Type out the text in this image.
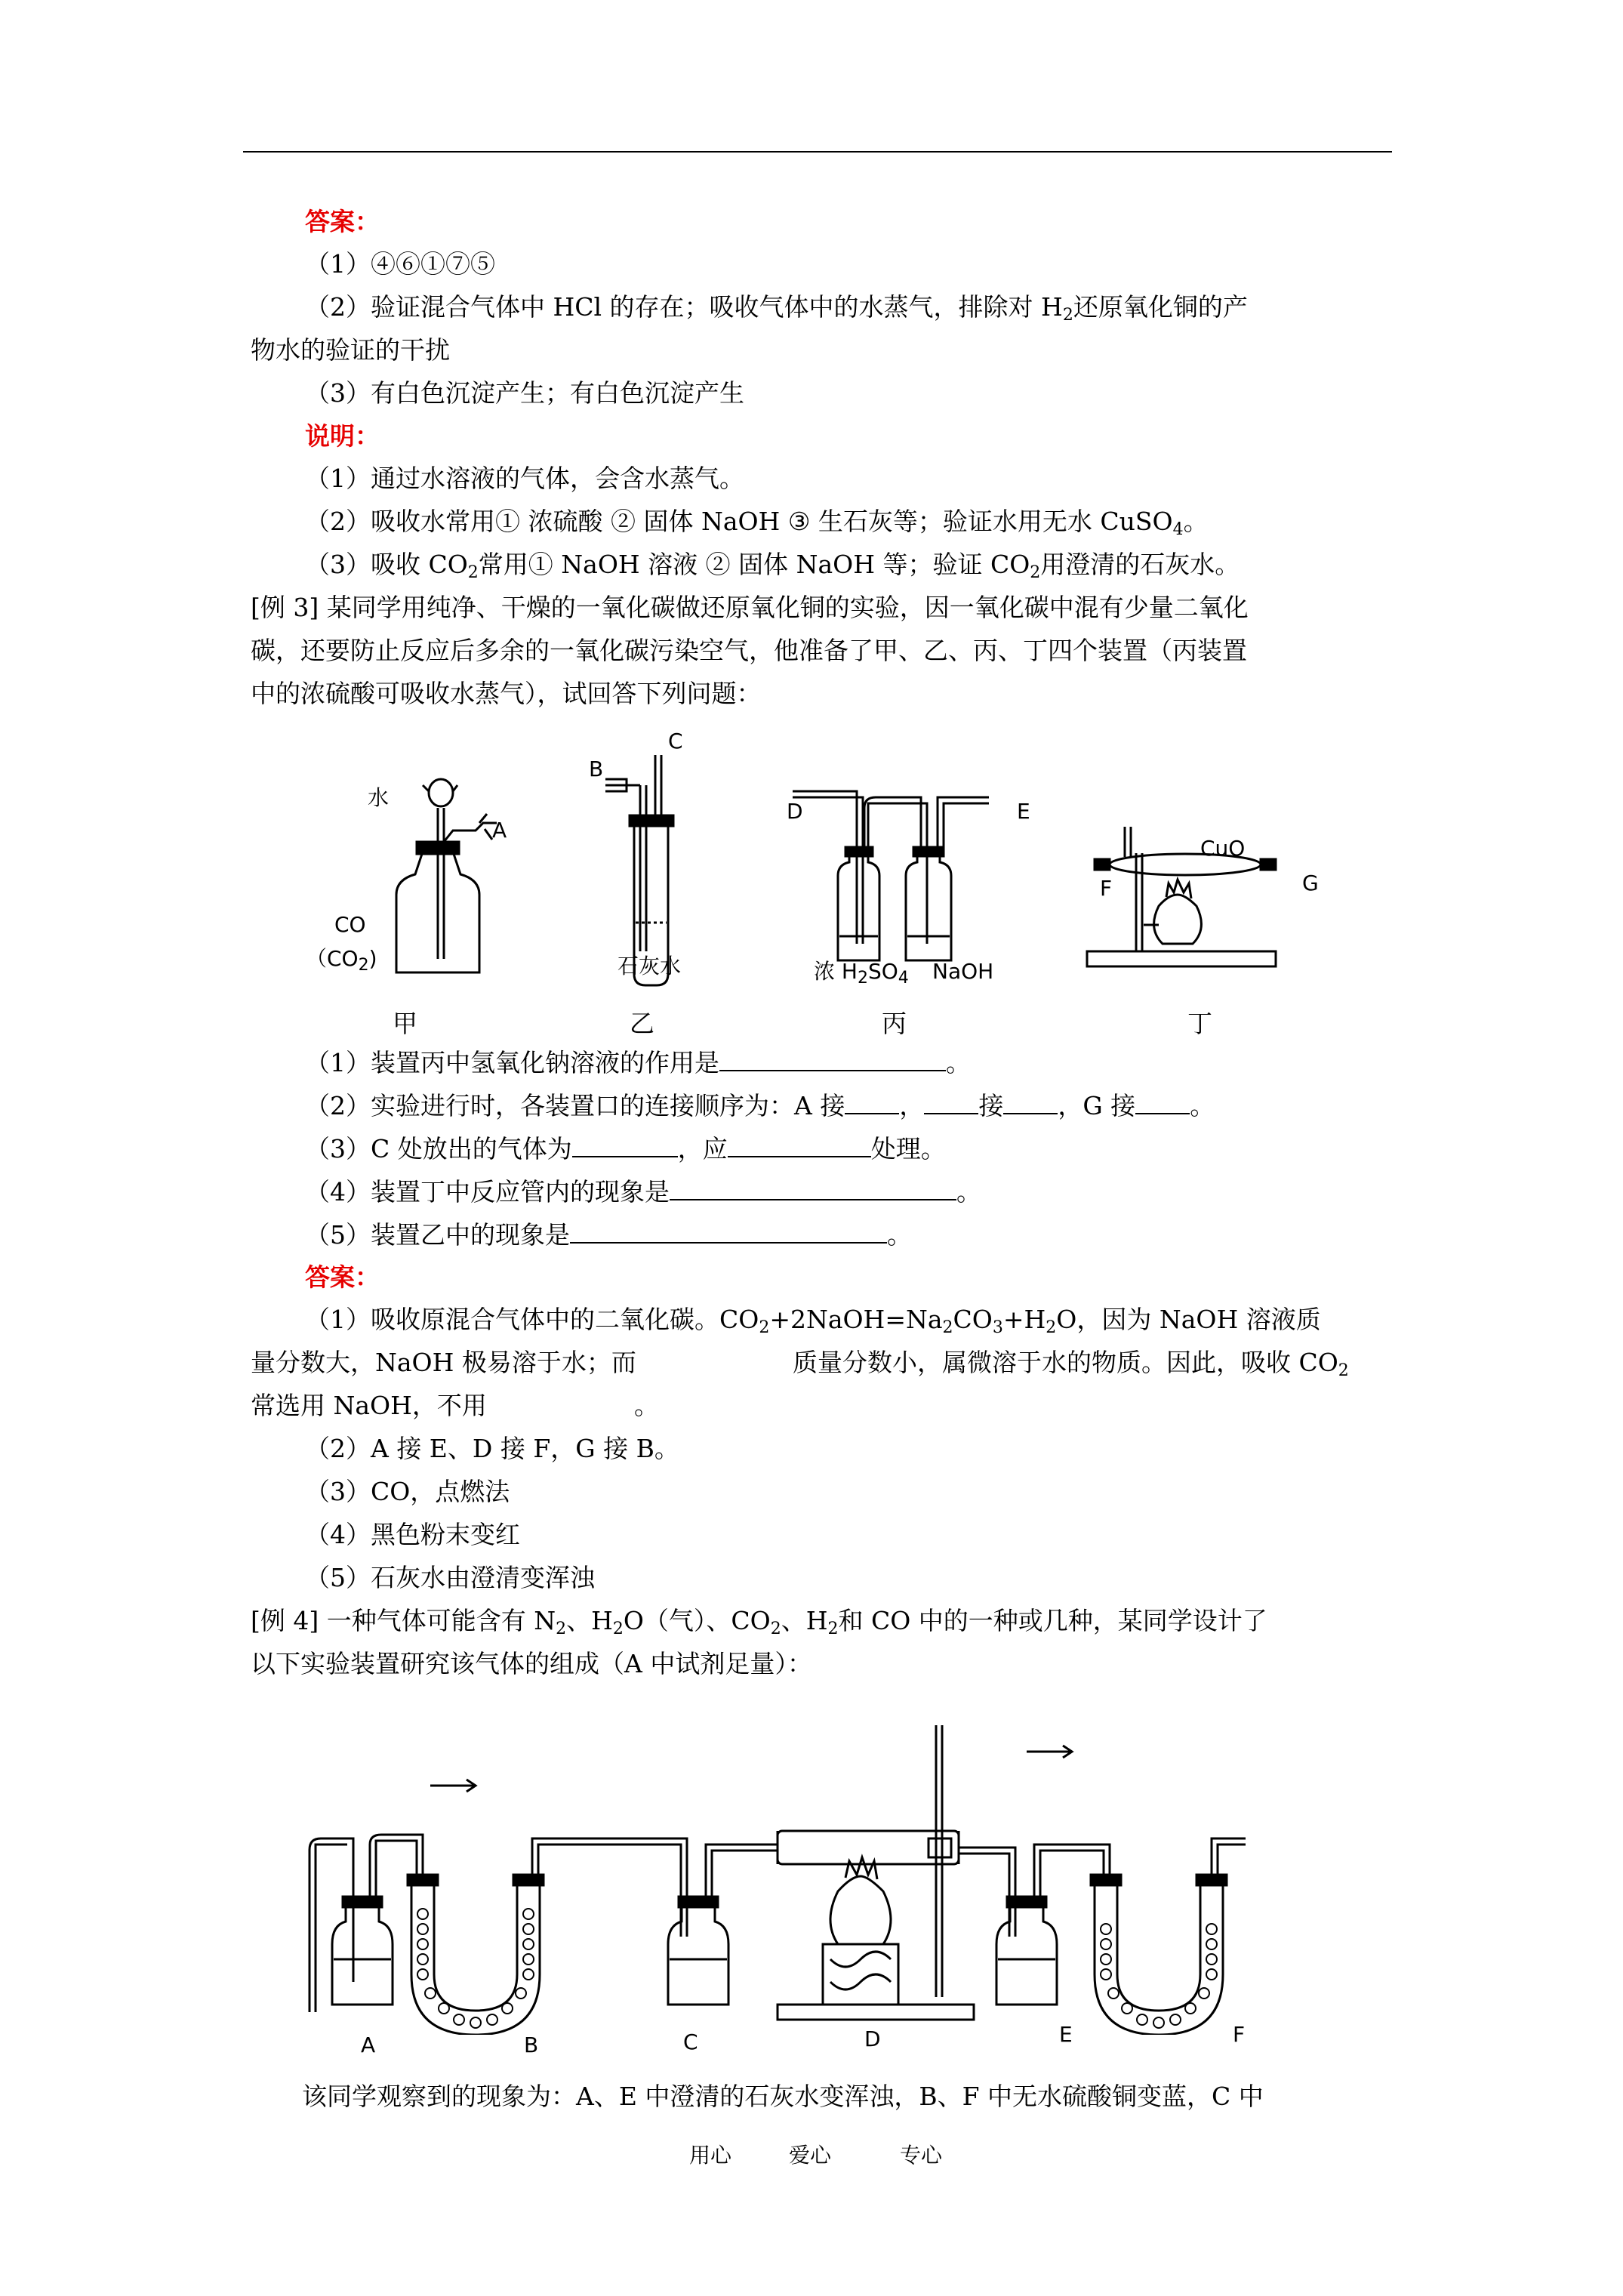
答案：
（1）④⑥①⑦⑤
（2）验证混合气体中 HCl 的存在；吸收气体中的水蒸气，排除对 $H_2$还原氧化铜的产
物水的验证的干扰
（3）有白色沉淀产生；有白色沉淀产生
说明：
（1）通过水溶液的气体，会含水蒸气。
（2）吸收水常用① 浓硫酸 ② 固体 NaOH ③ 生石灰等；验证水用无水 CuSO$_4$。
（3）吸收 $CO_2$常用① NaOH 溶液 ② 固体 NaOH 等；验证 $CO_2$用澄清的石灰水。
[例 3] 某同学用纯净、干燥的一氧化碳做还原氧化铜的实验，因一氧化碳中混有少量二氧化
碳，还要防止反应后多余的一氧化碳污染空气，他准备了甲、乙、丙、丁四个装置（丙装置
中的浓硫酸可吸收水蒸气），试回答下列问题：
水
A
CO
$(CO_2)$
B
C
石灰水
D	E
浓 $H_2SO_4$ NaOH
CuO
F	G
甲	乙	丙	丁
（1）装置丙中氢氧化钠溶液的作用是	。
（2）实验进行时，各装置口的连接顺序为：A 接 ， 接 ，G 接 。
（3）C 处放出的气体为	，应	处理。
（4）装置丁中反应管内的现象是	。
（5）装置乙中的现象是	。
答案：
（1）吸收原混合气体中的二氧化碳。$CO_2+2NaOH=Na_2CO_3+H_2O$，因为 NaOH 溶液质
量分数大，NaOH 极易溶于水；而	质量分数小，属微溶于水的物质。因此，吸收 $CO_2$
常选用 NaOH，不用	。
（2）A 接 E、D 接 F，G 接 B。
（3）CO，点燃法
（4）黑色粉末变红
（5）石灰水由澄清变浑浊
[例 4] 一种气体可能含有 $N_2$、$H_2O$（气）、$CO_2$、$H_2$和 CO 中的一种或几种，某同学设计了
以下实验装置研究该气体的组成（A 中试剂足量）：
A	B	C	D	E	F
该同学观察到的现象为：A、E 中澄清的石灰水变浑浊，B、F 中无水硫酸铜变蓝，C 中
用心	爱心	专心
